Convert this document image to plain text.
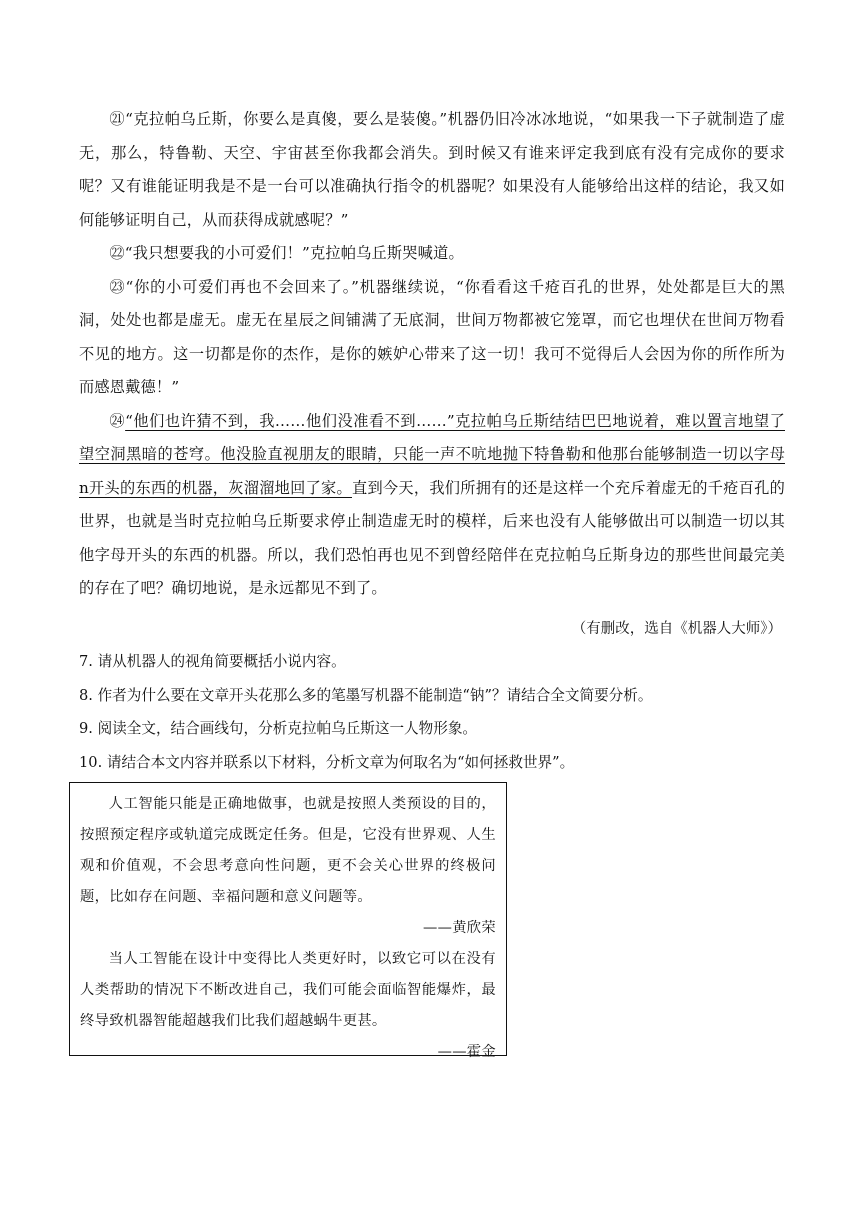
㉑“克拉帕乌丘斯，你要么是真傻，要么是装傻。”机器仍旧冷冰冰地说，“如果我一下子就制造了虚无，那么，特鲁勒、天空、宇宙甚至你我都会消失。到时候又有谁来评定我到底有没有完成你的要求呢？又有谁能证明我是不是一台可以准确执行指令的机器呢？如果没有人能够给出这样的结论，我又如何能够证明自己，从而获得成就感呢？”

㉒“我只想要我的小可爱们！”克拉帕乌丘斯哭喊道。

㉓“你的小可爱们再也不会回来了。”机器继续说，“你看看这千疮百孔的世界，处处都是巨大的黑洞，处处也都是虚无。虚无在星辰之间铺满了无底洞，世间万物都被它笼罩，而它也埋伏在世间万物看不见的地方。这一切都是你的杰作，是你的嫉妒心带来了这一切！我可不觉得后人会因为你的所作所为而感恩戴德！”

㉔“他们也许猜不到，我……他们没准看不到……”克拉帕乌丘斯结结巴巴地说着，难以置言地望了望空洞黑暗的苍穹。他没脸直视朋友的眼睛，只能一声不吭地抛下特鲁勒和他那台能够制造一切以字母 n开头的东西的机器，灰溜溜地回了家。直到今天，我们所拥有的还是这样一个充斥着虚无的千疮百孔的世界，也就是当时克拉帕乌丘斯要求停止制造虚无时的模样，后来也没有人能够做出可以制造一切以其他字母开头的东西的机器。所以，我们恐怕再也见不到曾经陪伴在克拉帕乌丘斯身边的那些世间最完美的存在了吧？确切地说，是永远都见不到了。

（有删改，选自《机器人大师》）
7. 请从机器人的视角简要概括小说内容。
8. 作者为什么要在文章开头花那么多的笔墨写机器不能制造“钠”？请结合全文简要分析。
9. 阅读全文，结合画线句，分析克拉帕乌丘斯这一人物形象。
10. 请结合本文内容并联系以下材料，分析文章为何取名为“如何拯救世界”。

人工智能只能是正确地做事，也就是按照人类预设的目的，按照预定程序或轨道完成既定任务。但是，它没有世界观、人生观和价值观，不会思考意向性问题，更不会关心世界的终极问题，比如存在问题、幸福问题和意义问题等。

——黄欣荣

当人工智能在设计中变得比人类更好时，以致它可以在没有人类帮助的情况下不断改进自己，我们可能会面临智能爆炸，最终导致机器智能超越我们比我们超越蜗牛更甚。

——霍金
